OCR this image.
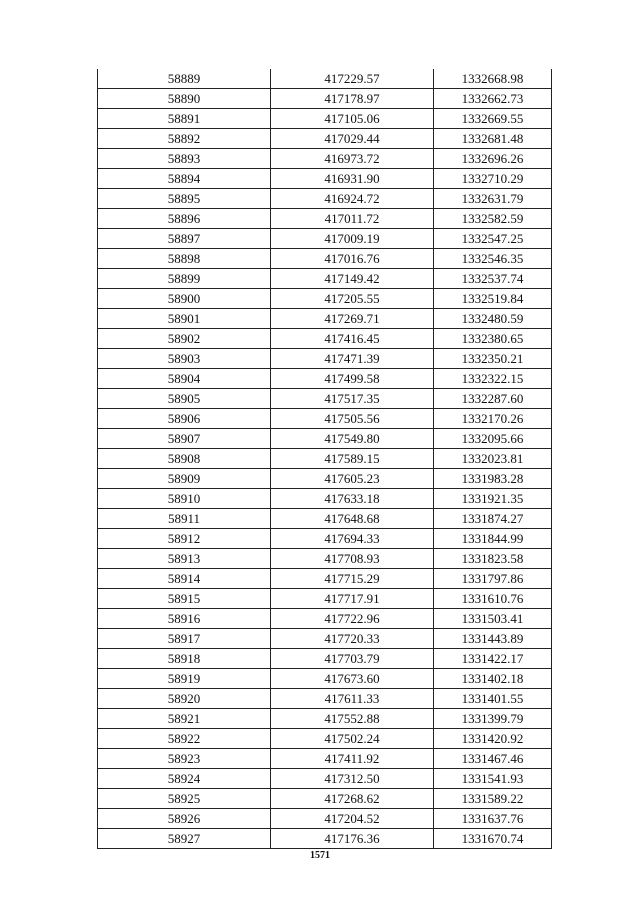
58889	417229.57	1332668.98
58890	417178.97	1332662.73
58891	417105.06	1332669.55
58892	417029.44	1332681.48
58893	416973.72	1332696.26
58894	416931.90	1332710.29
58895	416924.72	1332631.79
58896	417011.72	1332582.59
58897	417009.19	1332547.25
58898	417016.76	1332546.35
58899	417149.42	1332537.74
58900	417205.55	1332519.84
58901	417269.71	1332480.59
58902	417416.45	1332380.65
58903	417471.39	1332350.21
58904	417499.58	1332322.15
58905	417517.35	1332287.60
58906	417505.56	1332170.26
58907	417549.80	1332095.66
58908	417589.15	1332023.81
58909	417605.23	1331983.28
58910	417633.18	1331921.35
58911	417648.68	1331874.27
58912	417694.33	1331844.99
58913	417708.93	1331823.58
58914	417715.29	1331797.86
58915	417717.91	1331610.76
58916	417722.96	1331503.41
58917	417720.33	1331443.89
58918	417703.79	1331422.17
58919	417673.60	1331402.18
58920	417611.33	1331401.55
58921	417552.88	1331399.79
58922	417502.24	1331420.92
58923	417411.92	1331467.46
58924	417312.50	1331541.93
58925	417268.62	1331589.22
58926	417204.52	1331637.76
58927	417176.36	1331670.74
1571
